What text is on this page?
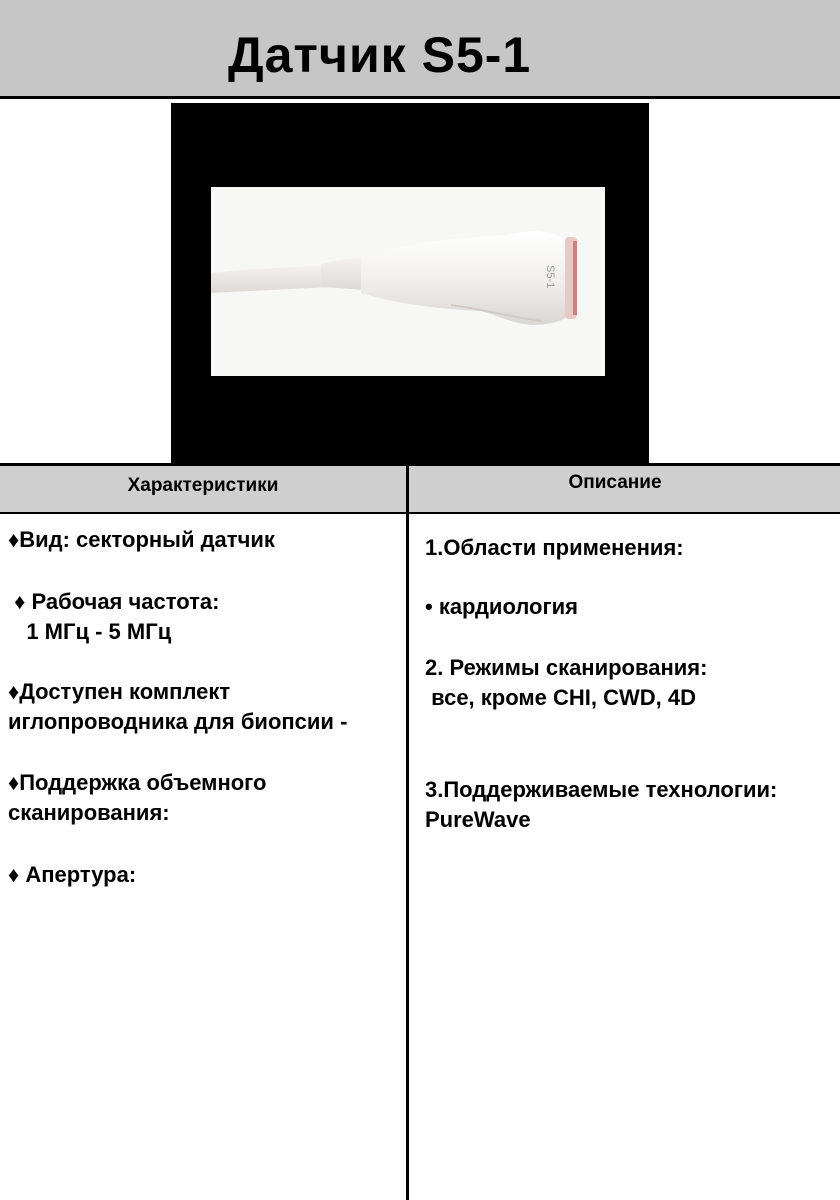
Датчик S5-1
S5-1
Характеристики	Описание
♦Вид: секторный датчик
♦ Рабочая частота:
1 МГц - 5 МГц
♦Доступен комплект
иглопроводника для биопсии -
♦Поддержка объемного
сканирования:
♦ Апертура:
1.Области применения:
• кардиология
2. Режимы сканирования:
все, кроме CHI, CWD, 4D
3.Поддерживаемые технологии:
PureWave
